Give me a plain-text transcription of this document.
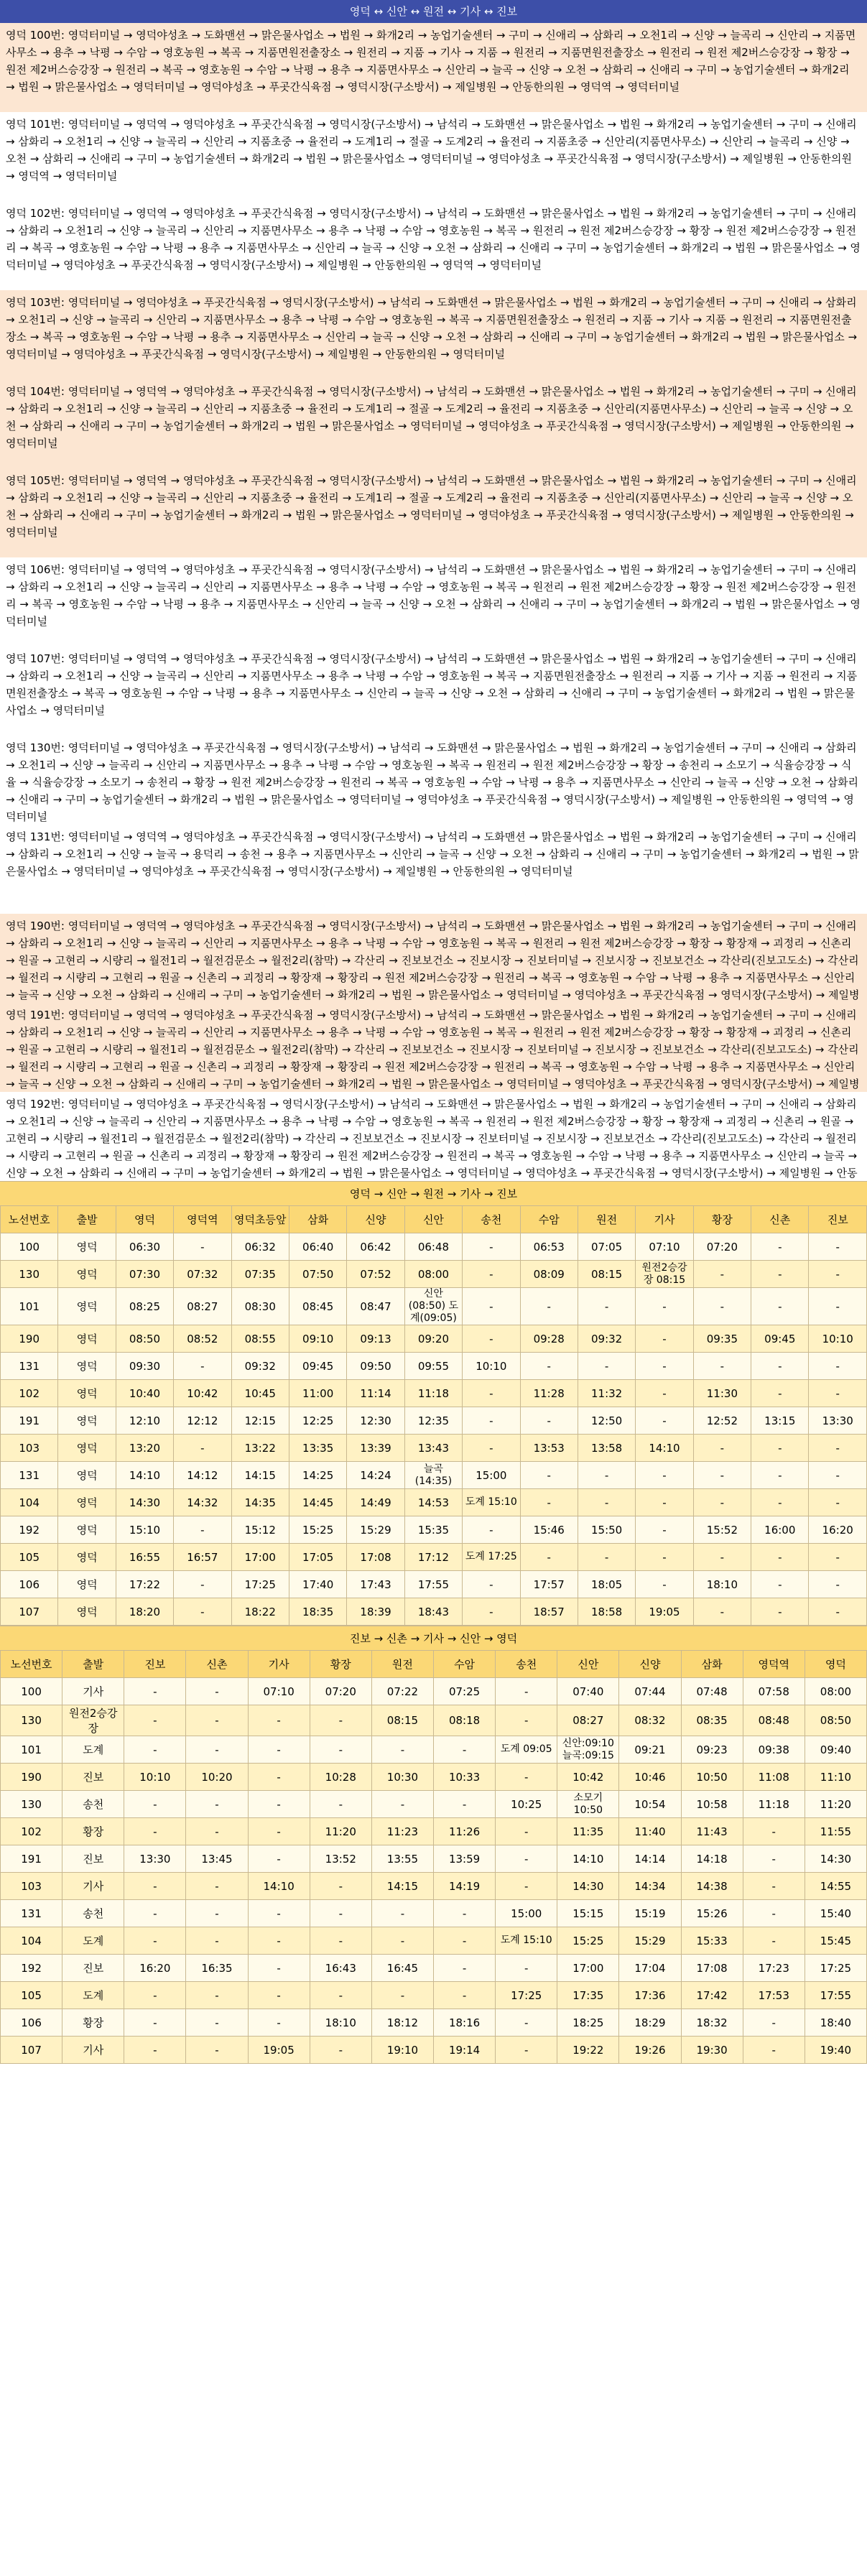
영덕 ↔ 신안 ↔ 원전 ↔ 기사 ↔ 진보
영덕 100번: 영덕터미널 → 영덕야성초 → 도화맨션 → 맑은물사업소 → 법원 → 화개2리 → 농업기술센터 → 구미 → 신애리 → 삼화리 → 오천1리 → 신양 → 늘곡리 → 신안리 → 지품면사무소 → 용추 → 낙평 → 수암 → 영호농원 → 복곡 → 지품면원전출장소 → 원전리 → 지품 → 기사 → 지품 → 원전리 → 지품면원전출장소 → 원전리 → 원전 제2버스승강장 → 황장 → 원전 제2버스승강장 → 원전리 → 복곡 → 영호농원 → 수암 → 낙평 → 용추 → 지품면사무소 → 신안리 → 늘곡 → 신양 → 오천 → 삼화리 → 신애리 → 구미 → 농업기술센터 → 화개2리 → 법원 → 맑은물사업소 → 영덕터미널 → 영덕야성초 → 푸곳간식육점 → 영덕시장(구소방서) → 제일병원 → 안동한의원 → 영덕역 → 영덕터미널
영덕 101번: 영덕터미널 → 영덕역 → 영덕야성초 → 푸곳간식육점 → 영덕시장(구소방서) → 남석리 → 도화맨션 → 맑은물사업소 → 법원 → 화개2리 → 농업기술센터 → 구미 → 신애리 → 삼화리 → 오천1리 → 신양 → 늘곡리 → 신안리 → 지품초중 → 율전리 → 도계1리 → 절골 → 도계2리 → 율전리 → 지품초중 → 신안리(지품면사무소) → 신안리 → 늘곡리 → 신양 → 오천 → 삼화리 → 신애리 → 구미 → 농업기술센터 → 화개2리 → 법원 → 맑은물사업소 → 영덕터미널 → 영덕야성초 → 푸곳간식육점 → 영덕시장(구소방서) → 제일병원 → 안동한의원 → 영덕역 → 영덕터미널
영덕 102번: 영덕터미널 → 영덕역 → 영덕야성초 → 푸곳간식육점 → 영덕시장(구소방서) → 남석리 → 도화맨션 → 맑은물사업소 → 법원 → 화개2리 → 농업기술센터 → 구미 → 신애리 → 삼화리 → 오천1리 → 신양 → 늘곡리 → 신안리 → 지품면사무소 → 용추 → 낙평 → 수암 → 영호농원 → 복곡 → 원전리 → 원전 제2버스승강장 → 황장 → 원전 제2버스승강장 → 원전리 → 복곡 → 영호농원 → 수암 → 낙평 → 용추 → 지품면사무소 → 신안리 → 늘곡 → 신양 → 오천 → 삼화리 → 신애리 → 구미 → 농업기술센터 → 화개2리 → 법원 → 맑은물사업소 → 영덕터미널 → 영덕야성초 → 푸곳간식육점 → 영덕시장(구소방서) → 제일병원 → 안동한의원 → 영덕역 → 영덕터미널
영덕 103번: 영덕터미널 → 영덕야성초 → 푸곳간식육점 → 영덕시장(구소방서) → 남석리 → 도화맨션 → 맑은물사업소 → 법원 → 화개2리 → 농업기술센터 → 구미 → 신애리 → 삼화리 → 오천1리 → 신양 → 늘곡리 → 신안리 → 지품면사무소 → 용추 → 낙평 → 수암 → 영호농원 → 복곡 → 지품면원전출장소 → 원전리 → 지품 → 기사 → 지품 → 원전리 → 지품면원전출장소 → 복곡 → 영호농원 → 수암 → 낙평 → 용추 → 지품면사무소 → 신안리 → 늘곡 → 신양 → 오천 → 삼화리 → 신애리 → 구미 → 농업기술센터 → 화개2리 → 법원 → 맑은물사업소 → 영덕터미널 → 영덕야성초 → 푸곳간식육점 → 영덕시장(구소방서) → 제일병원 → 안동한의원 → 영덕터미널
영덕 104번: 영덕터미널 → 영덕역 → 영덕야성초 → 푸곳간식육점 → 영덕시장(구소방서) → 남석리 → 도화맨션 → 맑은물사업소 → 법원 → 화개2리 → 농업기술센터 → 구미 → 신애리 → 삼화리 → 오천1리 → 신양 → 늘곡리 → 신안리 → 지품초중 → 율전리 → 도계1리 → 절골 → 도계2리 → 율전리 → 지품초중 → 신안리(지품면사무소) → 신안리 → 늘곡 → 신양 → 오천 → 삼화리 → 신애리 → 구미 → 농업기술센터 → 화개2리 → 법원 → 맑은물사업소 → 영덕터미널 → 영덕야성초 → 푸곳간식육점 → 영덕시장(구소방서) → 제일병원 → 안동한의원 → 영덕터미널
영덕 105번: 영덕터미널 → 영덕역 → 영덕야성초 → 푸곳간식육점 → 영덕시장(구소방서) → 남석리 → 도화맨션 → 맑은물사업소 → 법원 → 화개2리 → 농업기술센터 → 구미 → 신애리 → 삼화리 → 오천1리 → 신양 → 늘곡리 → 신안리 → 지품초중 → 율전리 → 도계1리 → 절골 → 도계2리 → 율전리 → 지품초중 → 신안리(지품면사무소) → 신안리 → 늘곡 → 신양 → 오천 → 삼화리 → 신애리 → 구미 → 농업기술센터 → 화개2리 → 법원 → 맑은물사업소 → 영덕터미널 → 영덕야성초 → 푸곳간식육점 → 영덕시장(구소방서) → 제일병원 → 안동한의원 → 영덕터미널
영덕 106번: 영덕터미널 → 영덕역 → 영덕야성초 → 푸곳간식육점 → 영덕시장(구소방서) → 남석리 → 도화맨션 → 맑은물사업소 → 법원 → 화개2리 → 농업기술센터 → 구미 → 신애리 → 삼화리 → 오천1리 → 신양 → 늘곡리 → 신안리 → 지품면사무소 → 용추 → 낙평 → 수암 → 영호농원 → 복곡 → 원전리 → 원전 제2버스승강장 → 황장 → 원전 제2버스승강장 → 원전리 → 복곡 → 영호농원 → 수암 → 낙평 → 용추 → 지품면사무소 → 신안리 → 늘곡 → 신양 → 오천 → 삼화리 → 신애리 → 구미 → 농업기술센터 → 화개2리 → 법원 → 맑은물사업소 → 영덕터미널
영덕 107번: 영덕터미널 → 영덕역 → 영덕야성초 → 푸곳간식육점 → 영덕시장(구소방서) → 남석리 → 도화맨션 → 맑은물사업소 → 법원 → 화개2리 → 농업기술센터 → 구미 → 신애리 → 삼화리 → 오천1리 → 신양 → 늘곡리 → 신안리 → 지품면사무소 → 용추 → 낙평 → 수암 → 영호농원 → 복곡 → 지품면원전출장소 → 원전리 → 지품 → 기사 → 지품 → 원전리 → 지품면원전출장소 → 복곡 → 영호농원 → 수암 → 낙평 → 용추 → 지품면사무소 → 신안리 → 늘곡 → 신양 → 오천 → 삼화리 → 신애리 → 구미 → 농업기술센터 → 화개2리 → 법원 → 맑은물사업소 → 영덕터미널
영덕 130번: 영덕터미널 → 영덕야성초 → 푸곳간식육점 → 영덕시장(구소방서) → 남석리 → 도화맨션 → 맑은물사업소 → 법원 → 화개2리 → 농업기술센터 → 구미 → 신애리 → 삼화리 → 오천1리 → 신양 → 늘곡리 → 신안리 → 지품면사무소 → 용추 → 낙평 → 수암 → 영호농원 → 복곡 → 원전리 → 원전 제2버스승강장 → 황장 → 송천리 → 소모기 → 식율승강장 → 식율 → 식율승강장 → 소모기 → 송천리 → 황장 → 원전 제2버스승강장 → 원전리 → 복곡 → 영호농원 → 수암 → 낙평 → 용추 → 지품면사무소 → 신안리 → 늘곡 → 신양 → 오천 → 삼화리 → 신애리 → 구미 → 농업기술센터 → 화개2리 → 법원 → 맑은물사업소 → 영덕터미널 → 영덕야성초 → 푸곳간식육점 → 영덕시장(구소방서) → 제일병원 → 안동한의원 → 영덕역 → 영덕터미널
영덕 131번: 영덕터미널 → 영덕역 → 영덕야성초 → 푸곳간식육점 → 영덕시장(구소방서) → 남석리 → 도화맨션 → 맑은물사업소 → 법원 → 화개2리 → 농업기술센터 → 구미 → 신애리 → 삼화리 → 오천1리 → 신양 → 늘곡 → 용덕리 → 송천 → 용추 → 지품면사무소 → 신안리 → 늘곡 → 신양 → 오천 → 삼화리 → 신애리 → 구미 → 농업기술센터 → 화개2리 → 법원 → 맑은물사업소 → 영덕터미널 → 영덕야성초 → 푸곳간식육점 → 영덕시장(구소방서) → 제일병원 → 안동한의원 → 영덕터미널
영덕 190번: 영덕터미널 → 영덕역 → 영덕야성초 → 푸곳간식육점 → 영덕시장(구소방서) → 남석리 → 도화맨션 → 맑은물사업소 → 법원 → 화개2리 → 농업기술센터 → 구미 → 신애리 → 삼화리 → 오천1리 → 신양 → 늘곡리 → 신안리 → 지품면사무소 → 용추 → 낙평 → 수암 → 영호농원 → 복곡 → 원전리 → 원전 제2버스승강장 → 황장 → 황장재 → 괴정리 → 신촌리 → 원골 → 고현리 → 시량리 → 월전1리 → 월전검문소 → 월전2리(참막) → 각산리 → 진보보건소 → 진보시장 → 진보터미널 → 진보시장 → 진보보건소 → 각산리(진보고도소) → 각산리 → 월전리 → 시량리 → 고현리 → 원골 → 신촌리 → 괴정리 → 황장재 → 황장리 → 원전 제2버스승강장 → 원전리 → 복곡 → 영호농원 → 수암 → 낙평 → 용추 → 지품면사무소 → 신안리 → 늘곡 → 신양 → 오천 → 삼화리 → 신애리 → 구미 → 농업기술센터 → 화개2리 → 법원 → 맑은물사업소 → 영덕터미널 → 영덕야성초 → 푸곳간식육점 → 영덕시장(구소방서) → 제일병
영덕 191번: 영덕터미널 → 영덕역 → 영덕야성초 → 푸곳간식육점 → 영덕시장(구소방서) → 남석리 → 도화맨션 → 맑은물사업소 → 법원 → 화개2리 → 농업기술센터 → 구미 → 신애리 → 삼화리 → 오천1리 → 신양 → 늘곡리 → 신안리 → 지품면사무소 → 용추 → 낙평 → 수암 → 영호농원 → 복곡 → 원전리 → 원전 제2버스승강장 → 황장 → 황장재 → 괴정리 → 신촌리 → 원골 → 고현리 → 시량리 → 월전1리 → 월전검문소 → 월전2리(참막) → 각산리 → 진보보건소 → 진보시장 → 진보터미널 → 진보시장 → 진보보건소 → 각산리(진보고도소) → 각산리 → 월전리 → 시량리 → 고현리 → 원골 → 신촌리 → 괴정리 → 황장재 → 황장리 → 원전 제2버스승강장 → 원전리 → 복곡 → 영호농원 → 수암 → 낙평 → 용추 → 지품면사무소 → 신안리 → 늘곡 → 신양 → 오천 → 삼화리 → 신애리 → 구미 → 농업기술센터 → 화개2리 → 법원 → 맑은물사업소 → 영덕터미널 → 영덕야성초 → 푸곳간식육점 → 영덕시장(구소방서) → 제일병
영덕 192번: 영덕터미널 → 영덕야성초 → 푸곳간식육점 → 영덕시장(구소방서) → 남석리 → 도화맨션 → 맑은물사업소 → 법원 → 화개2리 → 농업기술센터 → 구미 → 신애리 → 삼화리 → 오천1리 → 신양 → 늘곡리 → 신안리 → 지품면사무소 → 용추 → 낙평 → 수암 → 영호농원 → 복곡 → 원전리 → 원전 제2버스승강장 → 황장 → 황장재 → 괴정리 → 신촌리 → 원골 → 고현리 → 시량리 → 월전1리 → 월전검문소 → 월전2리(참막) → 각산리 → 진보보건소 → 진보시장 → 진보터미널 → 진보시장 → 진보보건소 → 각산리(진보고도소) → 각산리 → 월전리 → 시량리 → 고현리 → 원골 → 신촌리 → 괴정리 → 황장재 → 황장리 → 원전 제2버스승강장 → 원전리 → 복곡 → 영호농원 → 수암 → 낙평 → 용추 → 지품면사무소 → 신안리 → 늘곡 → 신양 → 오천 → 삼화리 → 신애리 → 구미 → 농업기술센터 → 화개2리 → 법원 → 맑은물사업소 → 영덕터미널 → 영덕야성초 → 푸곳간식육점 → 영덕시장(구소방서) → 제일병원 → 안동
영덕 → 신안 → 원전 → 기사 → 진보
노선번호	출발	영덕	영덕역	영덕초등앞	삼화	신양	신안	송천	수암	원전	기사	황장	신촌	진보
100	영덕	06:30	-	06:32	06:40	06:42	06:48	-	06:53	07:05	07:10	07:20	-	-
130	영덕	07:30	07:32	07:35	07:50	07:52	08:00	-	08:09	08:15	원전2승강장 08:15	-	-	-
101	영덕	08:25	08:27	08:30	08:45	08:47	신안(08:50) 도계(09:05)	-	-	-	-	-	-	-
190	영덕	08:50	08:52	08:55	09:10	09:13	09:20	-	09:28	09:32	-	09:35	09:45	10:10
131	영덕	09:30	-	09:32	09:45	09:50	09:55	10:10	-	-	-	-	-	-
102	영덕	10:40	10:42	10:45	11:00	11:14	11:18	-	11:28	11:32	-	11:30	-	-
191	영덕	12:10	12:12	12:15	12:25	12:30	12:35	-	-	12:50	-	12:52	13:15	13:30
103	영덕	13:20	-	13:22	13:35	13:39	13:43	-	13:53	13:58	14:10	-	-	-
131	영덕	14:10	14:12	14:15	14:25	14:24	늘곡(14:35)	15:00	-	-	-	-	-	-
104	영덕	14:30	14:32	14:35	14:45	14:49	14:53	도계 15:10	-	-	-	-	-	-
192	영덕	15:10	-	15:12	15:25	15:29	15:35	-	15:46	15:50	-	15:52	16:00	16:20
105	영덕	16:55	16:57	17:00	17:05	17:08	17:12	도계 17:25	-	-	-	-	-	-
106	영덕	17:22	-	17:25	17:40	17:43	17:55	-	17:57	18:05	-	18:10	-	-
107	영덕	18:20	-	18:22	18:35	18:39	18:43	-	18:57	18:58	19:05	-	-	-
진보 → 신촌 → 기사 → 신안 → 영덕
노선번호	출발	진보	신촌	기사	황장	원전	수암	송천	신안	신양	삼화	영덕역	영덕
100	기사	-	-	07:10	07:20	07:22	07:25	-	07:40	07:44	07:48	07:58	08:00
130	원전2승강장	-	-	-	-	08:15	08:18	-	08:27	08:32	08:35	08:48	08:50
101	도계	-	-	-	-	-	-	도계 09:05	신안:09:10 늘곡:09:15	09:21	09:23	09:38	09:40
190	진보	10:10	10:20	-	10:28	10:30	10:33	-	10:42	10:46	10:50	11:08	11:10
130	송천	-	-	-	-	-	-	10:25	소모기 10:50	10:54	10:58	11:18	11:20
102	황장	-	-	-	11:20	11:23	11:26	-	11:35	11:40	11:43	-	11:55
191	진보	13:30	13:45	-	13:52	13:55	13:59	-	14:10	14:14	14:18	-	14:30
103	기사	-	-	14:10	-	14:15	14:19	-	14:30	14:34	14:38	-	14:55
131	송천	-	-	-	-	-	-	15:00	15:15	15:19	15:26	-	15:40
104	도계	-	-	-	-	-	-	도계 15:10	15:25	15:29	15:33	-	15:45
192	진보	16:20	16:35	-	16:43	16:45	-	-	17:00	17:04	17:08	17:23	17:25
105	도계	-	-	-	-	-	-	17:25	17:35	17:36	17:42	17:53	17:55
106	황장	-	-	-	18:10	18:12	18:16	-	18:25	18:29	18:32	-	18:40
107	기사	-	-	19:05	-	19:10	19:14	-	19:22	19:26	19:30	-	19:40
